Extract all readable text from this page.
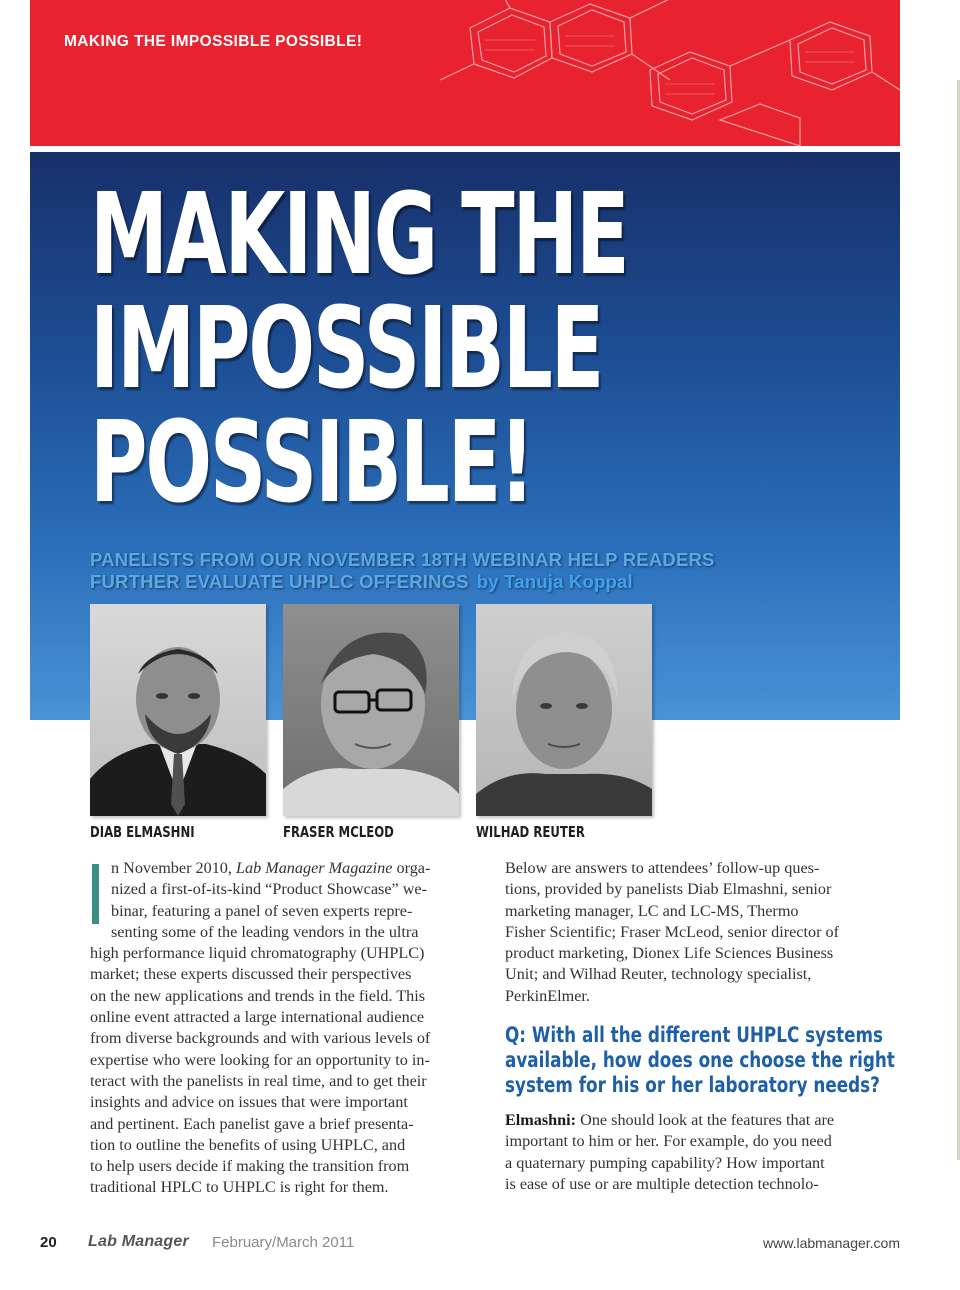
MAKING THE IMPOSSIBLE POSSIBLE!
MAKING THE
IMPOSSIBLE
POSSIBLE!
PANELISTS FROM OUR NOVEMBER 18TH WEBINAR HELP READERS
FURTHER EVALUATE UHPLC OFFERINGS by Tanuja Koppal
DIAB ELMASHNI	FRASER MCLEOD	WILHAD REUTER
n November 2010, Lab Manager Magazine orga-
nized a first-of-its-kind “Product Showcase” we-
binar, featuring a panel of seven experts repre-
senting some of the leading vendors in the ultra
high performance liquid chromatography (UHPLC)
market; these experts discussed their perspectives
on the new applications and trends in the field. This
online event attracted a large international audience
from diverse backgrounds and with various levels of
expertise who were looking for an opportunity to in-
teract with the panelists in real time, and to get their
insights and advice on issues that were important
and pertinent. Each panelist gave a brief presenta-
tion to outline the benefits of using UHPLC, and
to help users decide if making the transition from
traditional HPLC to UHPLC is right for them.
Below are answers to attendees’ follow-up ques-
tions, provided by panelists Diab Elmashni, senior
marketing manager, LC and LC-MS, Thermo
Fisher Scientific; Fraser McLeod, senior director of
product marketing, Dionex Life Sciences Business
Unit; and Wilhad Reuter, technology specialist,
PerkinElmer.
Q: With all the different UHPLC systems
available, how does one choose the right
system for his or her laboratory needs?
Elmashni: One should look at the features that are
important to him or her. For example, do you need
a quaternary pumping capability? How important
is ease of use or are multiple detection technolo-
20 Lab Manager February/March 2011	www.labmanager.com
